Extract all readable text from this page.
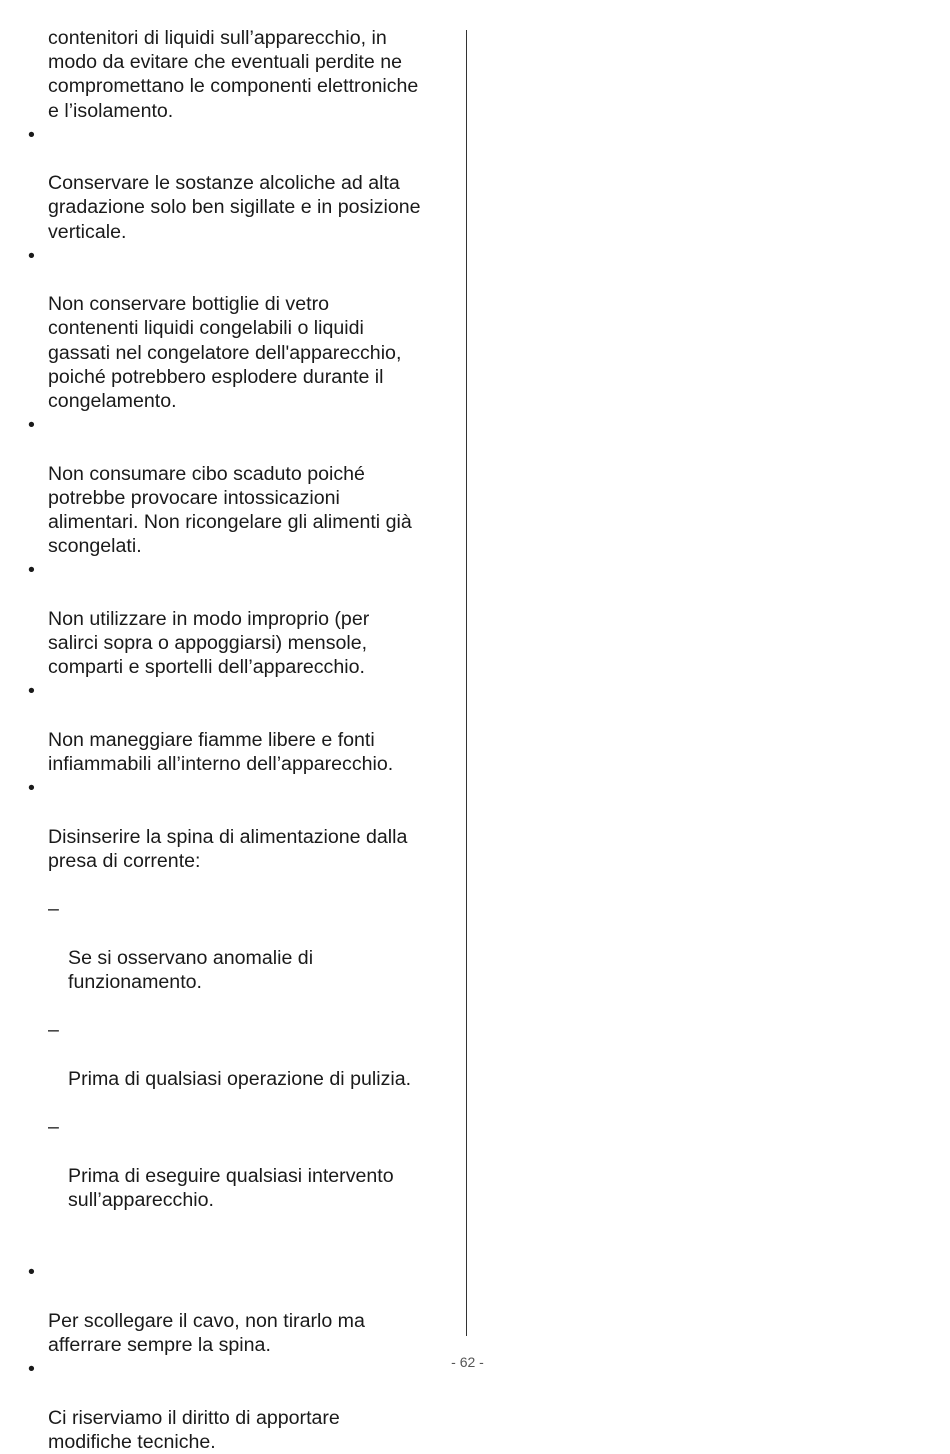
contenitori di liquidi sull’apparecchio, in
modo da evitare che eventuali perdite ne
compromettano le componenti elettroniche
e l’isolamento.

•

Conservare le sostanze alcoliche ad alta
gradazione solo ben sigillate e in posizione
verticale.

•

Non conservare bottiglie di vetro
contenenti liquidi congelabili o liquidi
gassati nel congelatore dell'apparecchio,
poiché potrebbero esplodere durante il
congelamento.

•

Non consumare cibo scaduto poiché
potrebbe provocare intossicazioni
alimentari. Non ricongelare gli alimenti già
scongelati.

•

Non utilizzare in modo improprio (per
salirci sopra o appoggiarsi) mensole,
comparti e sportelli dell’apparecchio.

•

Non maneggiare fiamme libere e fonti
infiammabili all’interno dell’apparecchio.

•

Disinserire la spina di alimentazione dalla
presa di corrente:

–

Se si osservano anomalie di
funzionamento.

–

Prima di qualsiasi operazione di pulizia.

–

Prima di eseguire qualsiasi intervento
sull’apparecchio.

•

Per scollegare il cavo, non tirarlo ma
afferrare sempre la spina.

•

Ci riserviamo il diritto di apportare
modifiche tecniche.

- 62 -
